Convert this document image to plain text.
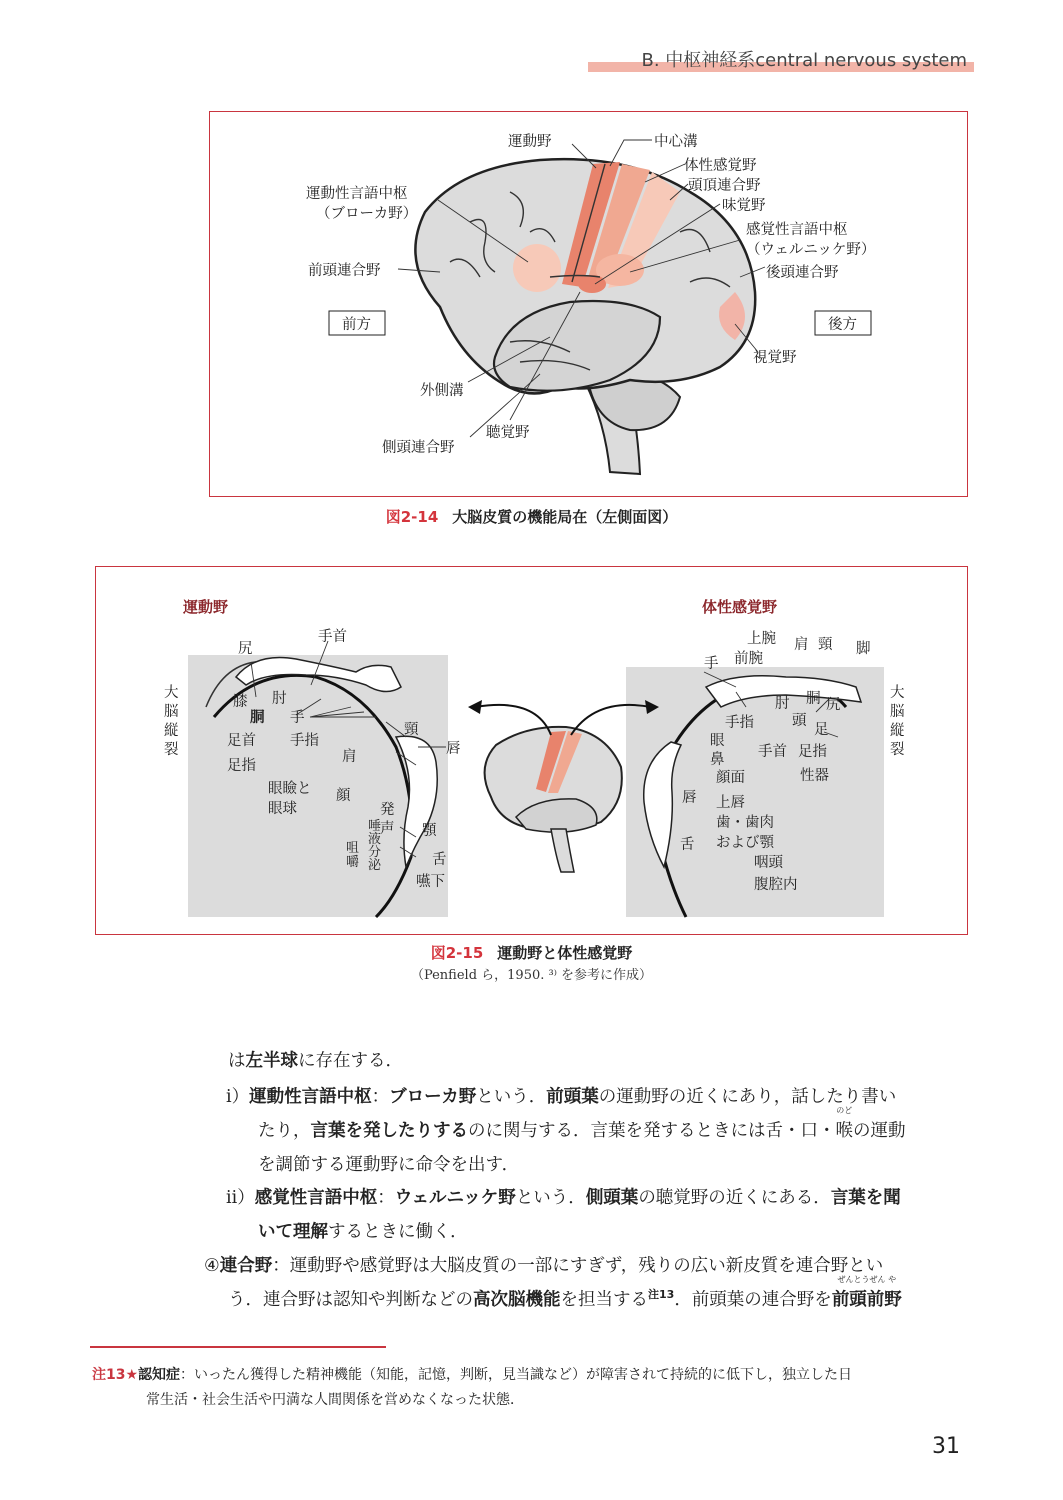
B. 中枢神経系central nervous system
運動野	中心溝
体性感覚野
頭頂連合野
味覚野
感覚性言語中枢
（ウェルニッケ野）
運動性言語中枢
（ブローカ野）
前頭連合野	後頭連合野
前方	後方
視覚野
外側溝
聴覚野
側頭連合野
図2-14 大脳皮質の機能局在（左側面図）
運動野	体性感覚野
尻
手首
膝 肘
胴 手
足首 手指
足指
頸
唇
肩
眼瞼と
眼球
顔
発
声
唾
液
分
泌
咀
嚼
顎
舌
嚥下
大
脳
縦
裂
上腕 肩 頸 脚
前腕
手
肘 胴 尻
手指	頭
足
眼
手首 足指
鼻
性器
顔面
唇 上唇
歯・歯肉
および顎
舌
咽頭
腹腔内
大
脳
縦
裂
図2-15 運動野と体性感覚野
（Penfield ら，1950. ³⁾ を参考に作成）
は左半球に存在する．
ⅰ）運動性言語中枢：ブローカ野という．前頭葉の運動野の近くにあり，話したり書い
たり，言葉を発したりするのに関与する．言葉を発するときには舌・口・喉
のど
の運動
を調節する運動野に命令を出す．
ⅱ）感覚性言語中枢：ウェルニッケ野という．側頭葉の聴覚野の近くにある．言葉を聞
いて理解するときに働く．
④連合野：運動野や感覚野は大脳皮質の一部にすぎず，残りの広い新皮質を連合野とい
う．連合野は認知や判断などの高次脳機能を担当する$^{注13}$．前頭葉の連合野を前頭前野
ぜんとうぜん や
注13★認知症：いったん獲得した精神機能（知能，記憶，判断，見当識など）が障害されて持続的に低下し，独立した日
常生活・社会生活や円満な人間関係を営めなくなった状態．
31
